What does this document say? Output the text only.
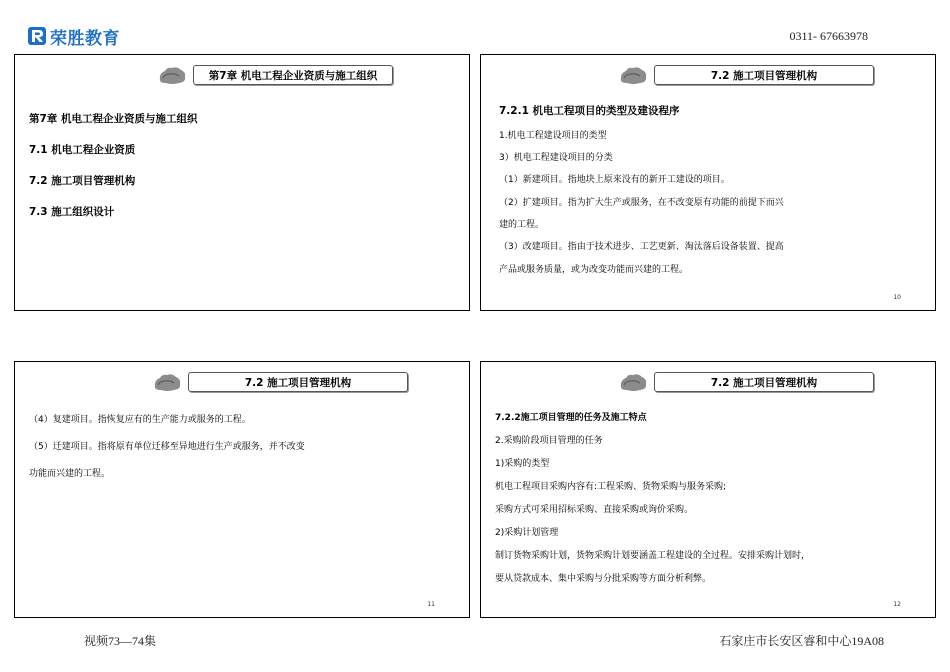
荣胜教育	0311- 67663978
第7章 机电工程企业资质与施工组织
第7章 机电工程企业资质与施工组织
7.1 机电工程企业资质
7.2 施工项目管理机构
7.3 施工组织设计
7.2 施工项目管理机构
7.2.1 机电工程项目的类型及建设程序
1.机电工程建设项目的类型
3）机电工程建设项目的分类
（1）新建项目。指地块上原来没有的新开工建设的项目。
（2）扩建项目。指为扩大生产或服务，在不改变原有功能的前提下而兴
建的工程。
（3）改建项目。指由于技术进步、工艺更新、淘汰落后设备装置、提高
产品或服务质量，或为改变功能而兴建的工程。
10
7.2 施工项目管理机构
（4）复建项目。指恢复应有的生产能力或服务的工程。
（5）迁建项目。指将原有单位迁移至异地进行生产或服务，并不改变
功能而兴建的工程。
11
7.2 施工项目管理机构
7.2.2施工项目管理的任务及施工特点
2.采购阶段项目管理的任务
1)采购的类型
机电工程项目采购内容有:工程采购、货物采购与服务采购;
采购方式可采用招标采购、直接采购或询价采购。
2)采购计划管理
制订货物采购计划，货物采购计划要涵盖工程建设的全过程。安排采购计划时，
要从贷款成本、集中采购与分批采购等方面分析利弊。
12
视频73—74集	石家庄市长安区睿和中心19A08
